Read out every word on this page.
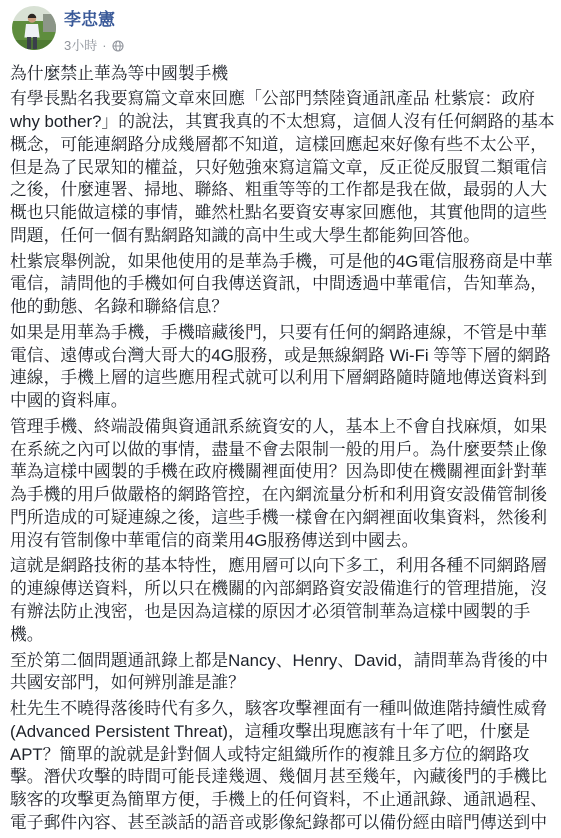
李忠憲
3小時 ·

為什麼禁止華為等中國製手機

有學長點名我要寫篇文章來回應「公部門禁陸資通訊產品 杜紫宸：政府 why bother?」的說法，其實我真的不太想寫，這個人沒有任何網路的基本概念，可能連網路分成幾層都不知道，這樣回應起來好像有些不太公平，但是為了民眾知的權益，只好勉強來寫這篇文章，反正從反服貿二類電信之後，什麼連署、掃地、聯絡、粗重等等的工作都是我在做，最弱的人大概也只能做這樣的事情，雖然杜點名要資安專家回應他，其實他問的這些問題，任何一個有點網路知識的高中生或大學生都能夠回答他。

杜紫宸舉例說，如果他使用的是華為手機，可是他的4G電信服務商是中華電信，請問他的手機如何自我傳送資訊，中間透過中華電信，告知華為，他的動態、名錄和聯絡信息？

如果是用華為手機，手機暗藏後門，只要有任何的網路連線，不管是中華電信、遠傳或台灣大哥大的4G服務，或是無線網路 Wi-Fi 等等下層的網路連線，手機上層的這些應用程式就可以利用下層網路隨時隨地傳送資料到中國的資料庫。

管理手機、終端設備與資通訊系統資安的人，基本上不會自找麻煩，如果在系統之內可以做的事情，盡量不會去限制一般的用戶。為什麼要禁止像華為這樣中國製的手機在政府機關裡面使用？因為即使在機關裡面針對華為手機的用戶做嚴格的網路管控，在內網流量分析和利用資安設備管制後門所造成的可疑連線之後，這些手機一樣會在內網裡面收集資料，然後利用沒有管制像中華電信的商業用4G服務傳送到中國去。

這就是網路技術的基本特性，應用層可以向下多工，利用各種不同網路層的連線傳送資料，所以只在機關的內部網路資安設備進行的管理措施，沒有辦法防止洩密，也是因為這樣的原因才必須管制華為這樣中國製的手機。

至於第二個問題通訊錄上都是Nancy、Henry、David，請問華為背後的中共國安部門，如何辨別誰是誰？

杜先生不曉得落後時代有多久，駭客攻擊裡面有一種叫做進階持續性威脅(Advanced Persistent Threat)，這種攻擊出現應該有十年了吧，什麼是APT？簡單的說就是針對個人或特定組織所作的複雜且多方位的網路攻擊。潛伏攻擊的時間可能長達幾週、幾個月甚至幾年，內藏後門的手機比駭客的攻擊更為簡單方便，手機上的任何資料，不止通訊錄、通訊過程、電子郵件內容、甚至談話的語音或影像紀錄都可以備份經由暗門傳送到中
